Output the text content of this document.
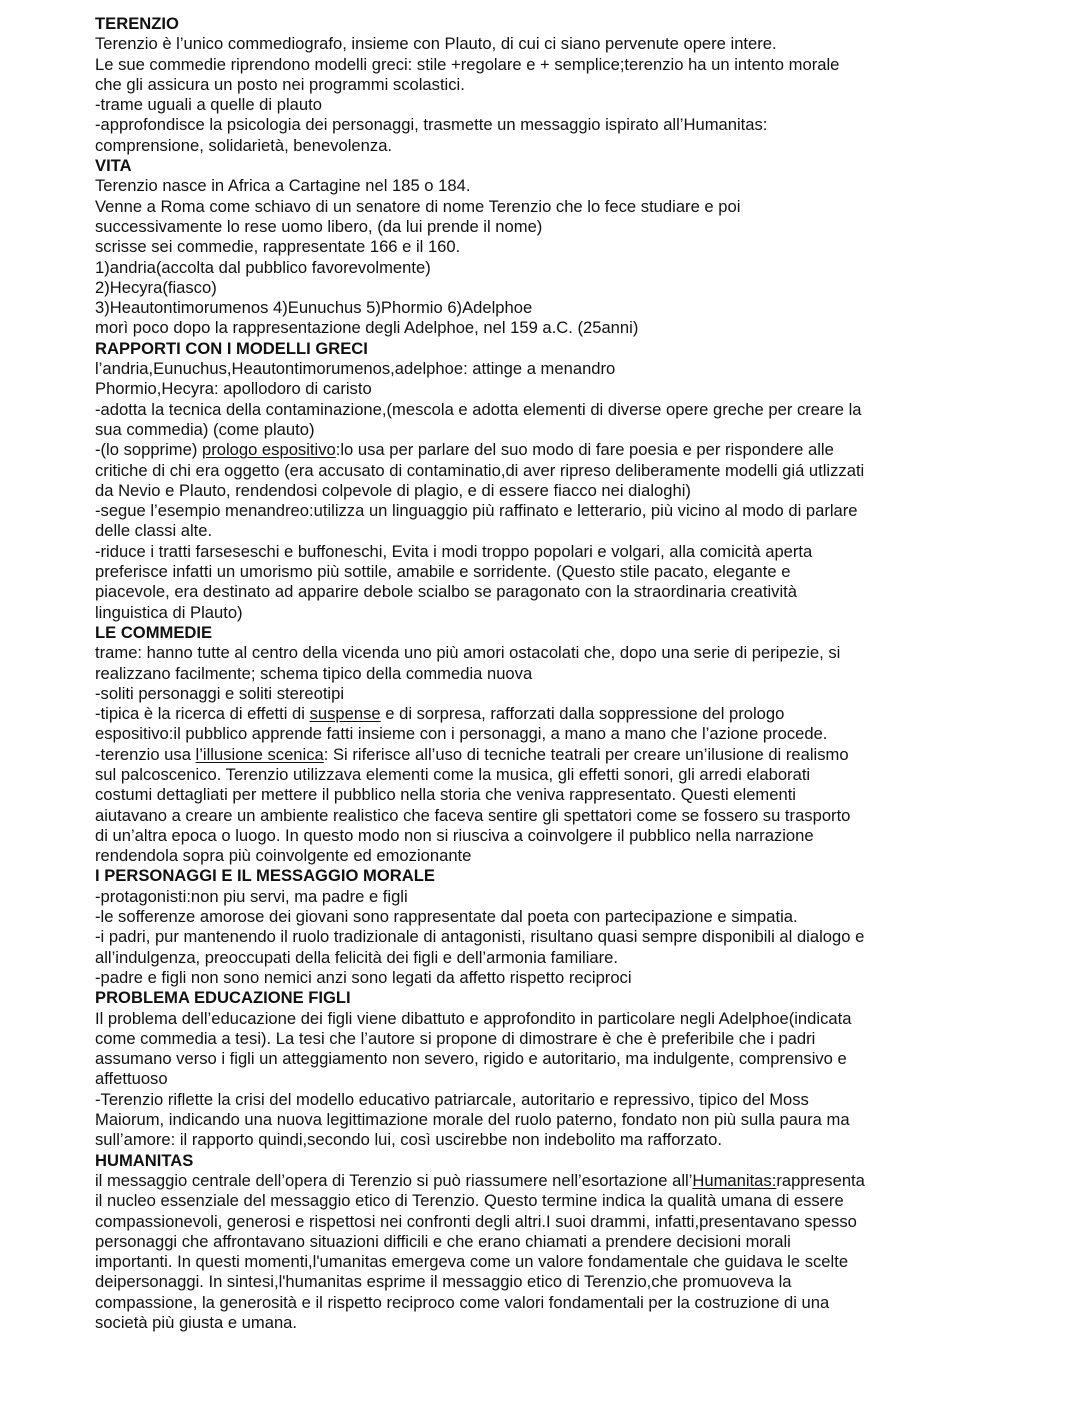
TERENZIO
Terenzio è l’unico commediografo, insieme con Plauto, di cui ci siano pervenute opere intere.
Le sue commedie riprendono modelli greci: stile +regolare e + semplice;terenzio ha un intento morale
che gli assicura un posto nei programmi scolastici.
-trame uguali a quelle di plauto
-approfondisce la psicologia dei personaggi, trasmette un messaggio ispirato all’Humanitas:
comprensione, solidarietà, benevolenza.
VITA
Terenzio nasce in Africa a Cartagine nel 185 o 184.
Venne a Roma come schiavo di un senatore di nome Terenzio che lo fece studiare e poi
successivamente lo rese uomo libero, (da lui prende il nome)
scrisse sei commedie, rappresentate 166 e il 160.
1)andria(accolta dal pubblico favorevolmente)
2)Hecyra(fiasco)
3)Heautontimorumenos 4)Eunuchus 5)Phormio 6)Adelphoe
morì poco dopo la rappresentazione degli Adelphoe, nel 159 a.C. (25anni)
RAPPORTI CON I MODELLI GRECI
l’andria,Eunuchus,Heautontimorumenos,adelphoe: attinge a menandro
Phormio,Hecyra: apollodoro di caristo
-adotta la tecnica della contaminazione,(mescola e adotta elementi di diverse opere greche per creare la
sua commedia) (come plauto)
-(lo sopprime) prologo espositivo:lo usa per parlare del suo modo di fare poesia e per rispondere alle
critiche di chi era oggetto (era accusato di contaminatio,di aver ripreso deliberamente modelli giá utlizzati
da Nevio e Plauto, rendendosi colpevole di plagio, e di essere fiacco nei dialoghi)
-segue l’esempio menandreo:utilizza un linguaggio più raffinato e letterario, più vicino al modo di parlare
delle classi alte.
-riduce i tratti farseseschi e buffoneschi, Evita i modi troppo popolari e volgari, alla comicità aperta
preferisce infatti un umorismo più sottile, amabile e sorridente. (Questo stile pacato, elegante e
piacevole, era destinato ad apparire debole scialbo se paragonato con la straordinaria creatività
linguistica di Plauto)
LE COMMEDIE
trame: hanno tutte al centro della vicenda uno più amori ostacolati che, dopo una serie di peripezie, si
realizzano facilmente; schema tipico della commedia nuova
-soliti personaggi e soliti stereotipi
-tipica è la ricerca di effetti di suspense e di sorpresa, rafforzati dalla soppressione del prologo
espositivo:il pubblico apprende fatti insieme con i personaggi, a mano a mano che l’azione procede.
-terenzio usa l’illusione scenica: Si riferisce all’uso di tecniche teatrali per creare un’ilusione di realismo
sul palcoscenico. Terenzio utilizzava elementi come la musica, gli effetti sonori, gli arredi elaborati
costumi dettagliati per mettere il pubblico nella storia che veniva rappresentato. Questi elementi
aiutavano a creare un ambiente realistico che faceva sentire gli spettatori come se fossero su trasporto
di un’altra epoca o luogo. In questo modo non si riusciva a coinvolgere il pubblico nella narrazione
rendendola sopra più coinvolgente ed emozionante
I PERSONAGGI E IL MESSAGGIO MORALE
-protagonisti:non piu servi, ma padre e figli
-le sofferenze amorose dei giovani sono rappresentate dal poeta con partecipazione e simpatia.
-i padri, pur mantenendo il ruolo tradizionale di antagonisti, risultano quasi sempre disponibili al dialogo e
all’indulgenza, preoccupati della felicità dei figli e dell’armonia familiare.
-padre e figli non sono nemici anzi sono legati da affetto rispetto reciproci
PROBLEMA EDUCAZIONE FIGLI
Il problema dell’educazione dei figli viene dibattuto e approfondito in particolare negli Adelphoe(indicata
come commedia a tesi). La tesi che l’autore si propone di dimostrare è che è preferibile che i padri
assumano verso i figli un atteggiamento non severo, rigido e autoritario, ma indulgente, comprensivo e
affettuoso
-Terenzio riflette la crisi del modello educativo patriarcale, autoritario e repressivo, tipico del Moss
Maiorum, indicando una nuova legittimazione morale del ruolo paterno, fondato non più sulla paura ma
sull’amore: il rapporto quindi,secondo lui, così uscirebbe non indebolito ma rafforzato.
HUMANITAS
il messaggio centrale dell’opera di Terenzio si può riassumere nell’esortazione all’Humanitas:rappresenta
il nucleo essenziale del messaggio etico di Terenzio. Questo termine indica la qualità umana di essere
compassionevoli, generosi e rispettosi nei confronti degli altri.I suoi drammi, infatti,presentavano spesso
personaggi che affrontavano situazioni difficili e che erano chiamati a prendere decisioni morali
importanti. In questi momenti,l'umanitas emergeva come un valore fondamentale che guidava le scelte
deipersonaggi. In sintesi,l'humanitas esprime il messaggio etico di Terenzio,che promuoveva la
compassione, la generosità e il rispetto reciproco come valori fondamentali per la costruzione di una
società più giusta e umana.
